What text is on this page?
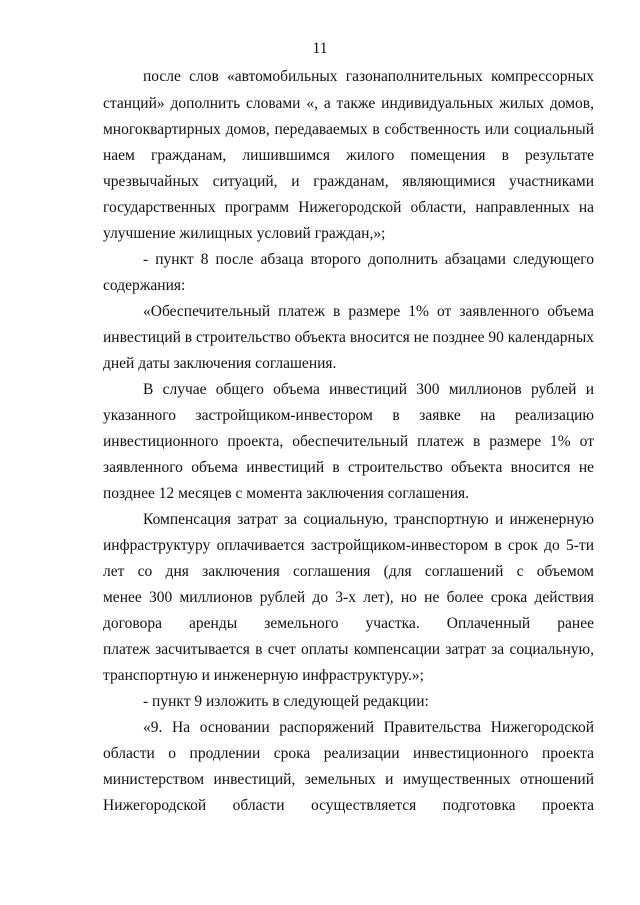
11
после слов «автомобильных газонаполнительных компрессорных
станций» дополнить словами «, а также индивидуальных жилых домов,
многоквартирных домов, передаваемых в собственность или социальный
наем гражданам, лишившимся жилого помещения в результате
чрезвычайных ситуаций, и гражданам, являющимися участниками
государственных программ Нижегородской области, направленных на
улучшение жилищных условий граждан,»;
- пункт 8 после абзаца второго дополнить абзацами следующего
содержания:
«Обеспечительный платеж в размере 1% от заявленного объема
инвестиций в строительство объекта вносится не позднее 90 календарных
дней даты заключения соглашения.
В случае общего объема инвестиций 300 миллионов рублей и
указанного застройщиком-инвестором в заявке на реализацию
инвестиционного проекта, обеспечительный платеж в размере 1% от
заявленного объема инвестиций в строительство объекта вносится не
позднее 12 месяцев с момента заключения соглашения.
Компенсация затрат за социальную, транспортную и инженерную
инфраструктуру оплачивается застройщиком-инвестором в срок до 5-ти
лет со дня заключения соглашения (для соглашений с объемом
менее 300 миллионов рублей до 3-х лет), но не более срока действия
договора аренды земельного участка. Оплаченный ранее
платеж засчитывается в счет оплаты компенсации затрат за социальную,
транспортную и инженерную инфраструктуру.»;
- пункт 9 изложить в следующей редакции:
«9. На основании распоряжений Правительства Нижегородской
области о продлении срока реализации инвестиционного проекта
министерством инвестиций, земельных и имущественных отношений
Нижегородской области осуществляется подготовка проекта
